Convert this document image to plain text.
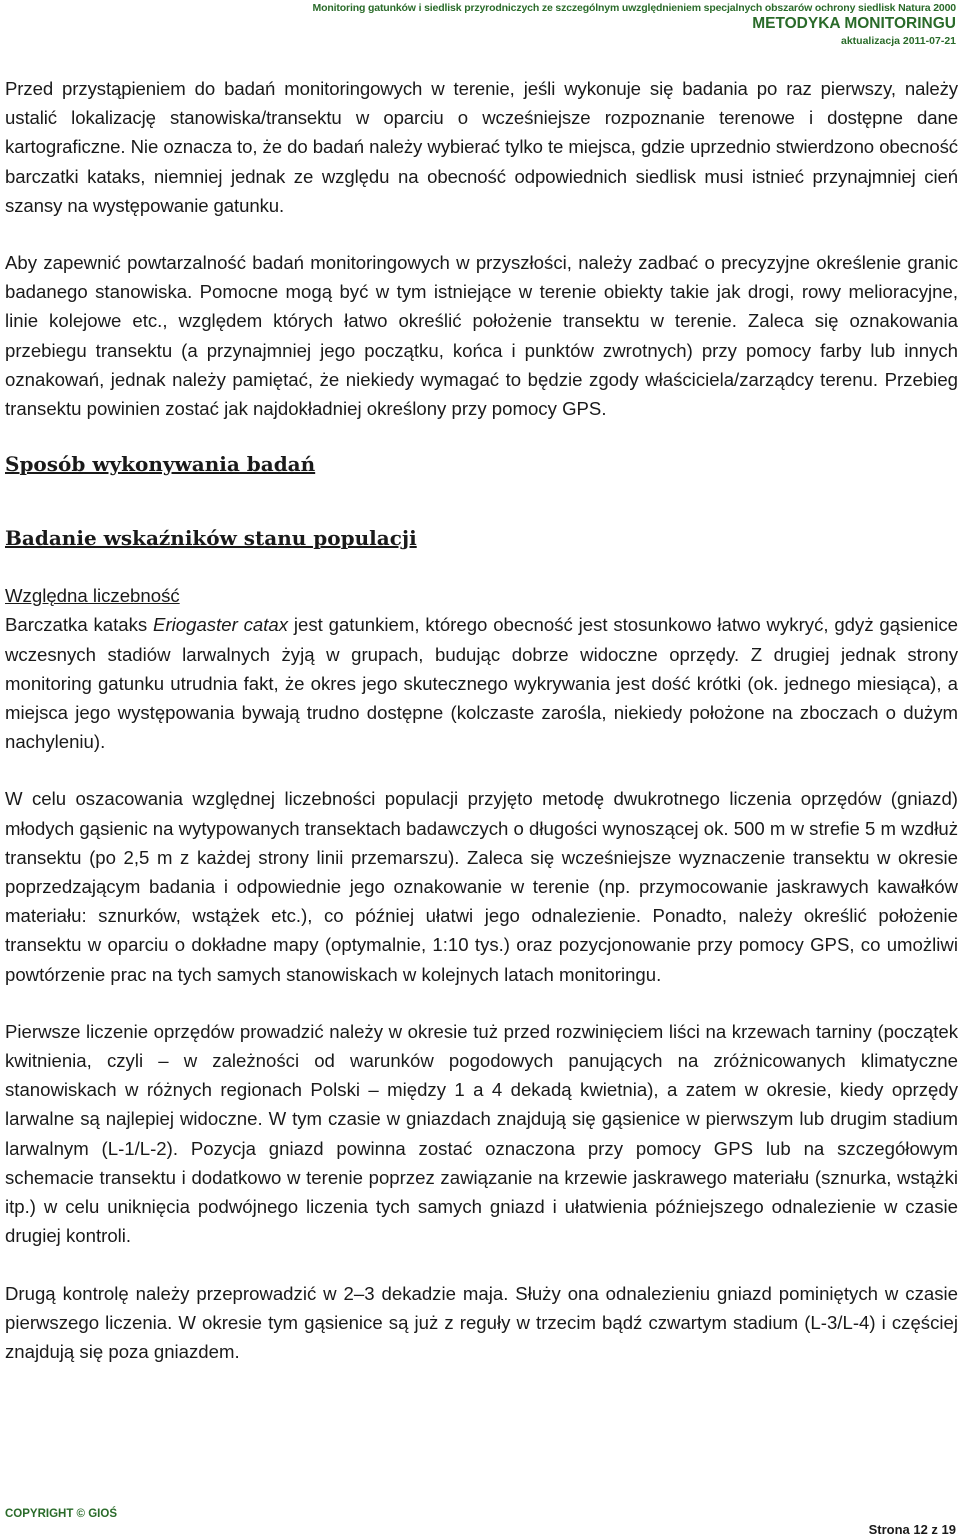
Monitoring gatunków i siedlisk przyrodniczych ze szczególnym uwzględnieniem specjalnych obszarów ochrony siedlisk Natura 2000
METODYKA MONITORINGU
aktualizacja 2011-07-21

Przed przystąpieniem do badań monitoringowych w terenie, jeśli wykonuje się badania po raz pierwszy, należy ustalić lokalizację stanowiska/transektu w oparciu o wcześniejsze rozpoznanie terenowe i dostępne dane kartograficzne. Nie oznacza to, że do badań należy wybierać tylko te miejsca, gdzie uprzednio stwierdzono obecność barczatki kataks, niemniej jednak ze względu na obecność odpowiednich siedlisk musi istnieć przynajmniej cień szansy na występowanie gatunku.

Aby zapewnić powtarzalność badań monitoringowych w przyszłości, należy zadbać o precyzyjne określenie granic badanego stanowiska. Pomocne mogą być w tym istniejące w terenie obiekty takie jak drogi, rowy melioracyjne, linie kolejowe etc., względem których łatwo określić położenie transektu w terenie. Zaleca się oznakowania przebiegu transektu (a przynajmniej jego początku, końca i punktów zwrotnych) przy pomocy farby lub innych oznakowań, jednak należy pamiętać, że niekiedy wymagać to będzie zgody właściciela/zarządcy terenu. Przebieg transektu powinien zostać jak najdokładniej określony przy pomocy GPS.

Sposób wykonywania badań
Badanie wskaźników stanu populacji

Względna liczebność

Barczatka kataks Eriogaster catax jest gatunkiem, którego obecność jest stosunkowo łatwo wykryć, gdyż gąsienice wczesnych stadiów larwalnych żyją w grupach, budując dobrze widoczne oprzędy. Z drugiej jednak strony monitoring gatunku utrudnia fakt, że okres jego skutecznego wykrywania jest dość krótki (ok. jednego miesiąca), a miejsca jego występowania bywają trudno dostępne (kolczaste zarośla, niekiedy położone na zboczach o dużym nachyleniu).

W celu oszacowania względnej liczebności populacji przyjęto metodę dwukrotnego liczenia oprzędów (gniazd) młodych gąsienic na wytypowanych transektach badawczych o długości wynoszącej ok. 500 m w strefie 5 m wzdłuż transektu (po 2,5 m z każdej strony linii przemarszu). Zaleca się wcześniejsze wyznaczenie transektu w okresie poprzedzającym badania i odpowiednie jego oznakowanie w terenie (np. przymocowanie jaskrawych kawałków materiału: sznurków, wstążek etc.), co później ułatwi jego odnalezienie. Ponadto, należy określić położenie transektu w oparciu o dokładne mapy (optymalnie, 1:10 tys.) oraz pozycjonowanie przy pomocy GPS, co umożliwi powtórzenie prac na tych samych stanowiskach w kolejnych latach monitoringu.

Pierwsze liczenie oprzędów prowadzić należy w okresie tuż przed rozwinięciem liści na krzewach tarniny (początek kwitnienia, czyli – w zależności od warunków pogodowych panujących na zróżnicowanych klimatyczne stanowiskach w różnych regionach Polski – między 1 a 4 dekadą kwietnia), a zatem w okresie, kiedy oprzędy larwalne są najlepiej widoczne. W tym czasie w gniazdach znajdują się gąsienice w pierwszym lub drugim stadium larwalnym (L-1/L-2). Pozycja gniazd powinna zostać oznaczona przy pomocy GPS lub na szczegółowym schemacie transektu i dodatkowo w terenie poprzez zawiązanie na krzewie jaskrawego materiału (sznurka, wstążki itp.) w celu uniknięcia podwójnego liczenia tych samych gniazd i ułatwienia późniejszego odnalezienie w czasie drugiej kontroli.

Drugą kontrolę należy przeprowadzić w 2–3 dekadzie maja. Służy ona odnalezieniu gniazd pominiętych w czasie pierwszego liczenia. W okresie tym gąsienice są już z reguły w trzecim bądź czwartym stadium (L-3/L-4) i częściej znajdują się poza gniazdem.

COPYRIGHT © GIOŚ
Strona 12 z 19
